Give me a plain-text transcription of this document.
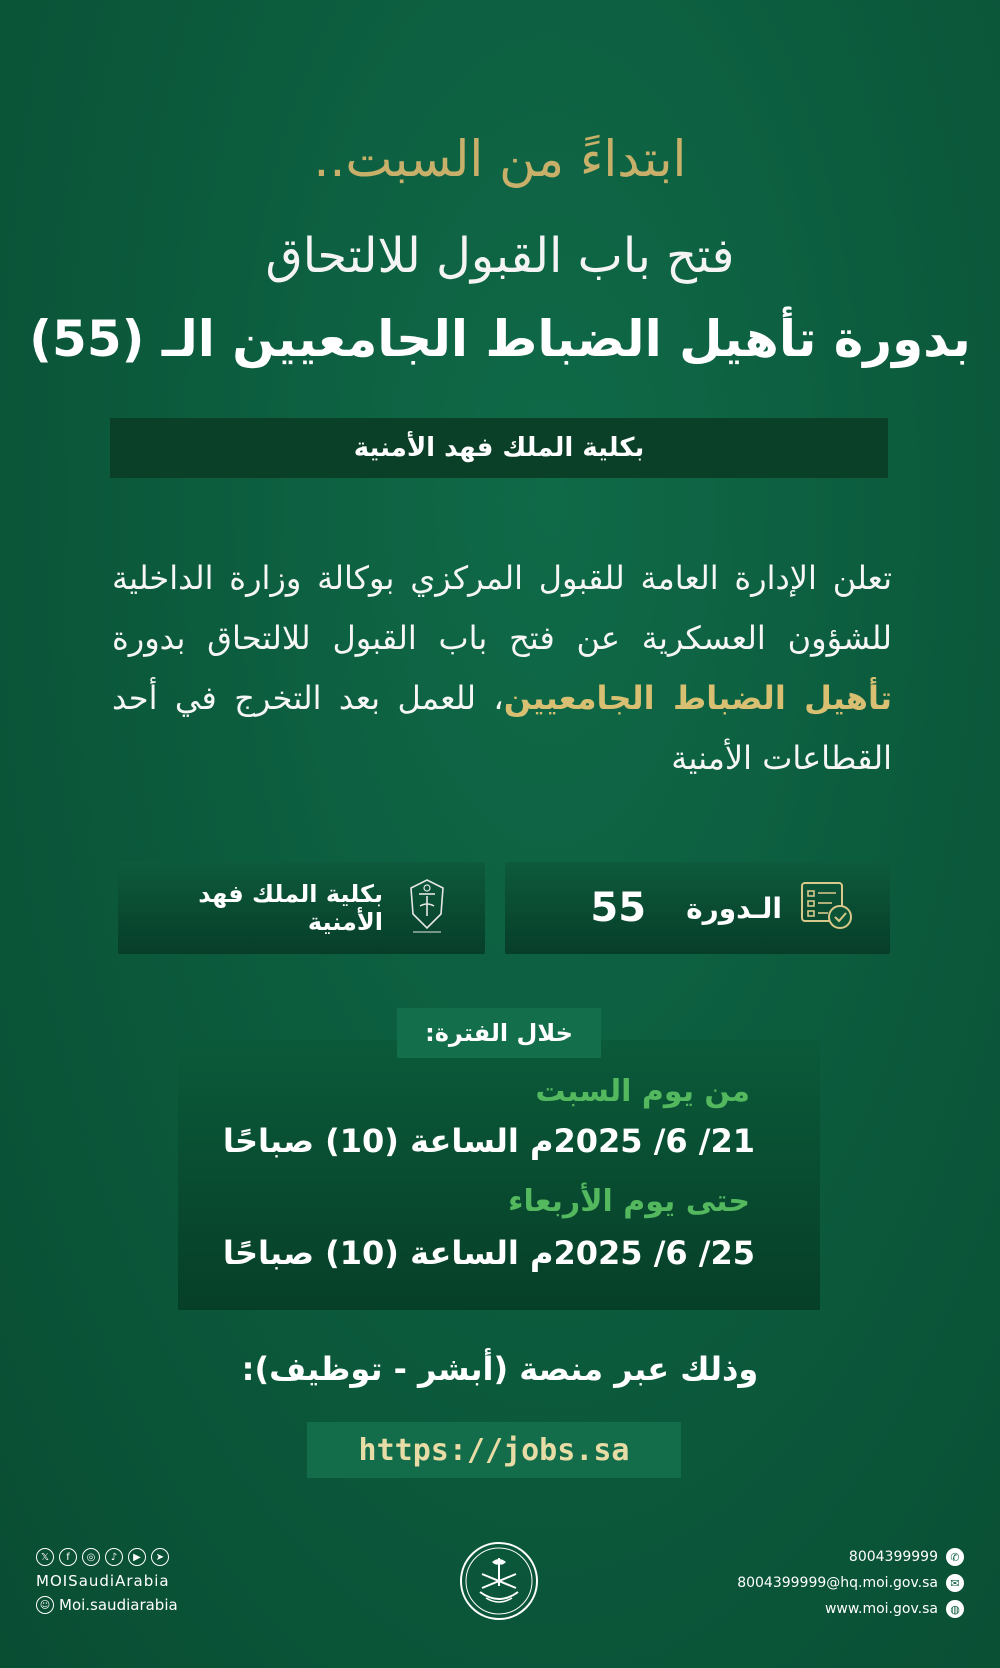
ابتداءً من السبت..
فتح باب القبول للالتحاق
بدورة تأهيل الضباط الجامعيين الـ (55)
بكلية الملك فهد الأمنية
تعلن الإدارة العامة للقبول المركزي بوكالة وزارة الداخلية للشؤون العسكرية عن فتح باب القبول للالتحاق بدورة تأهيل الضباط الجامعيين، للعمل بعد التخرج في أحد القطاعات الأمنية
الـدورة
55
بكلية الملك فهد الأمنية
خلال الفترة:
من يوم السبت
21/ 6/ 2025م الساعة (10) صباحًا
حتى يوم الأربعاء
25/ 6/ 2025م الساعة (10) صباحًا
وذلك عبر منصة (أبشر - توظيف):
https://jobs.sa
𝕏	f	◎	♪	▶	➤
MOISaudiArabia
☺ Moi.saudiarabia
8004399999	✆
8004399999@hq.moi.gov.sa	✉
www.moi.gov.sa	◍
